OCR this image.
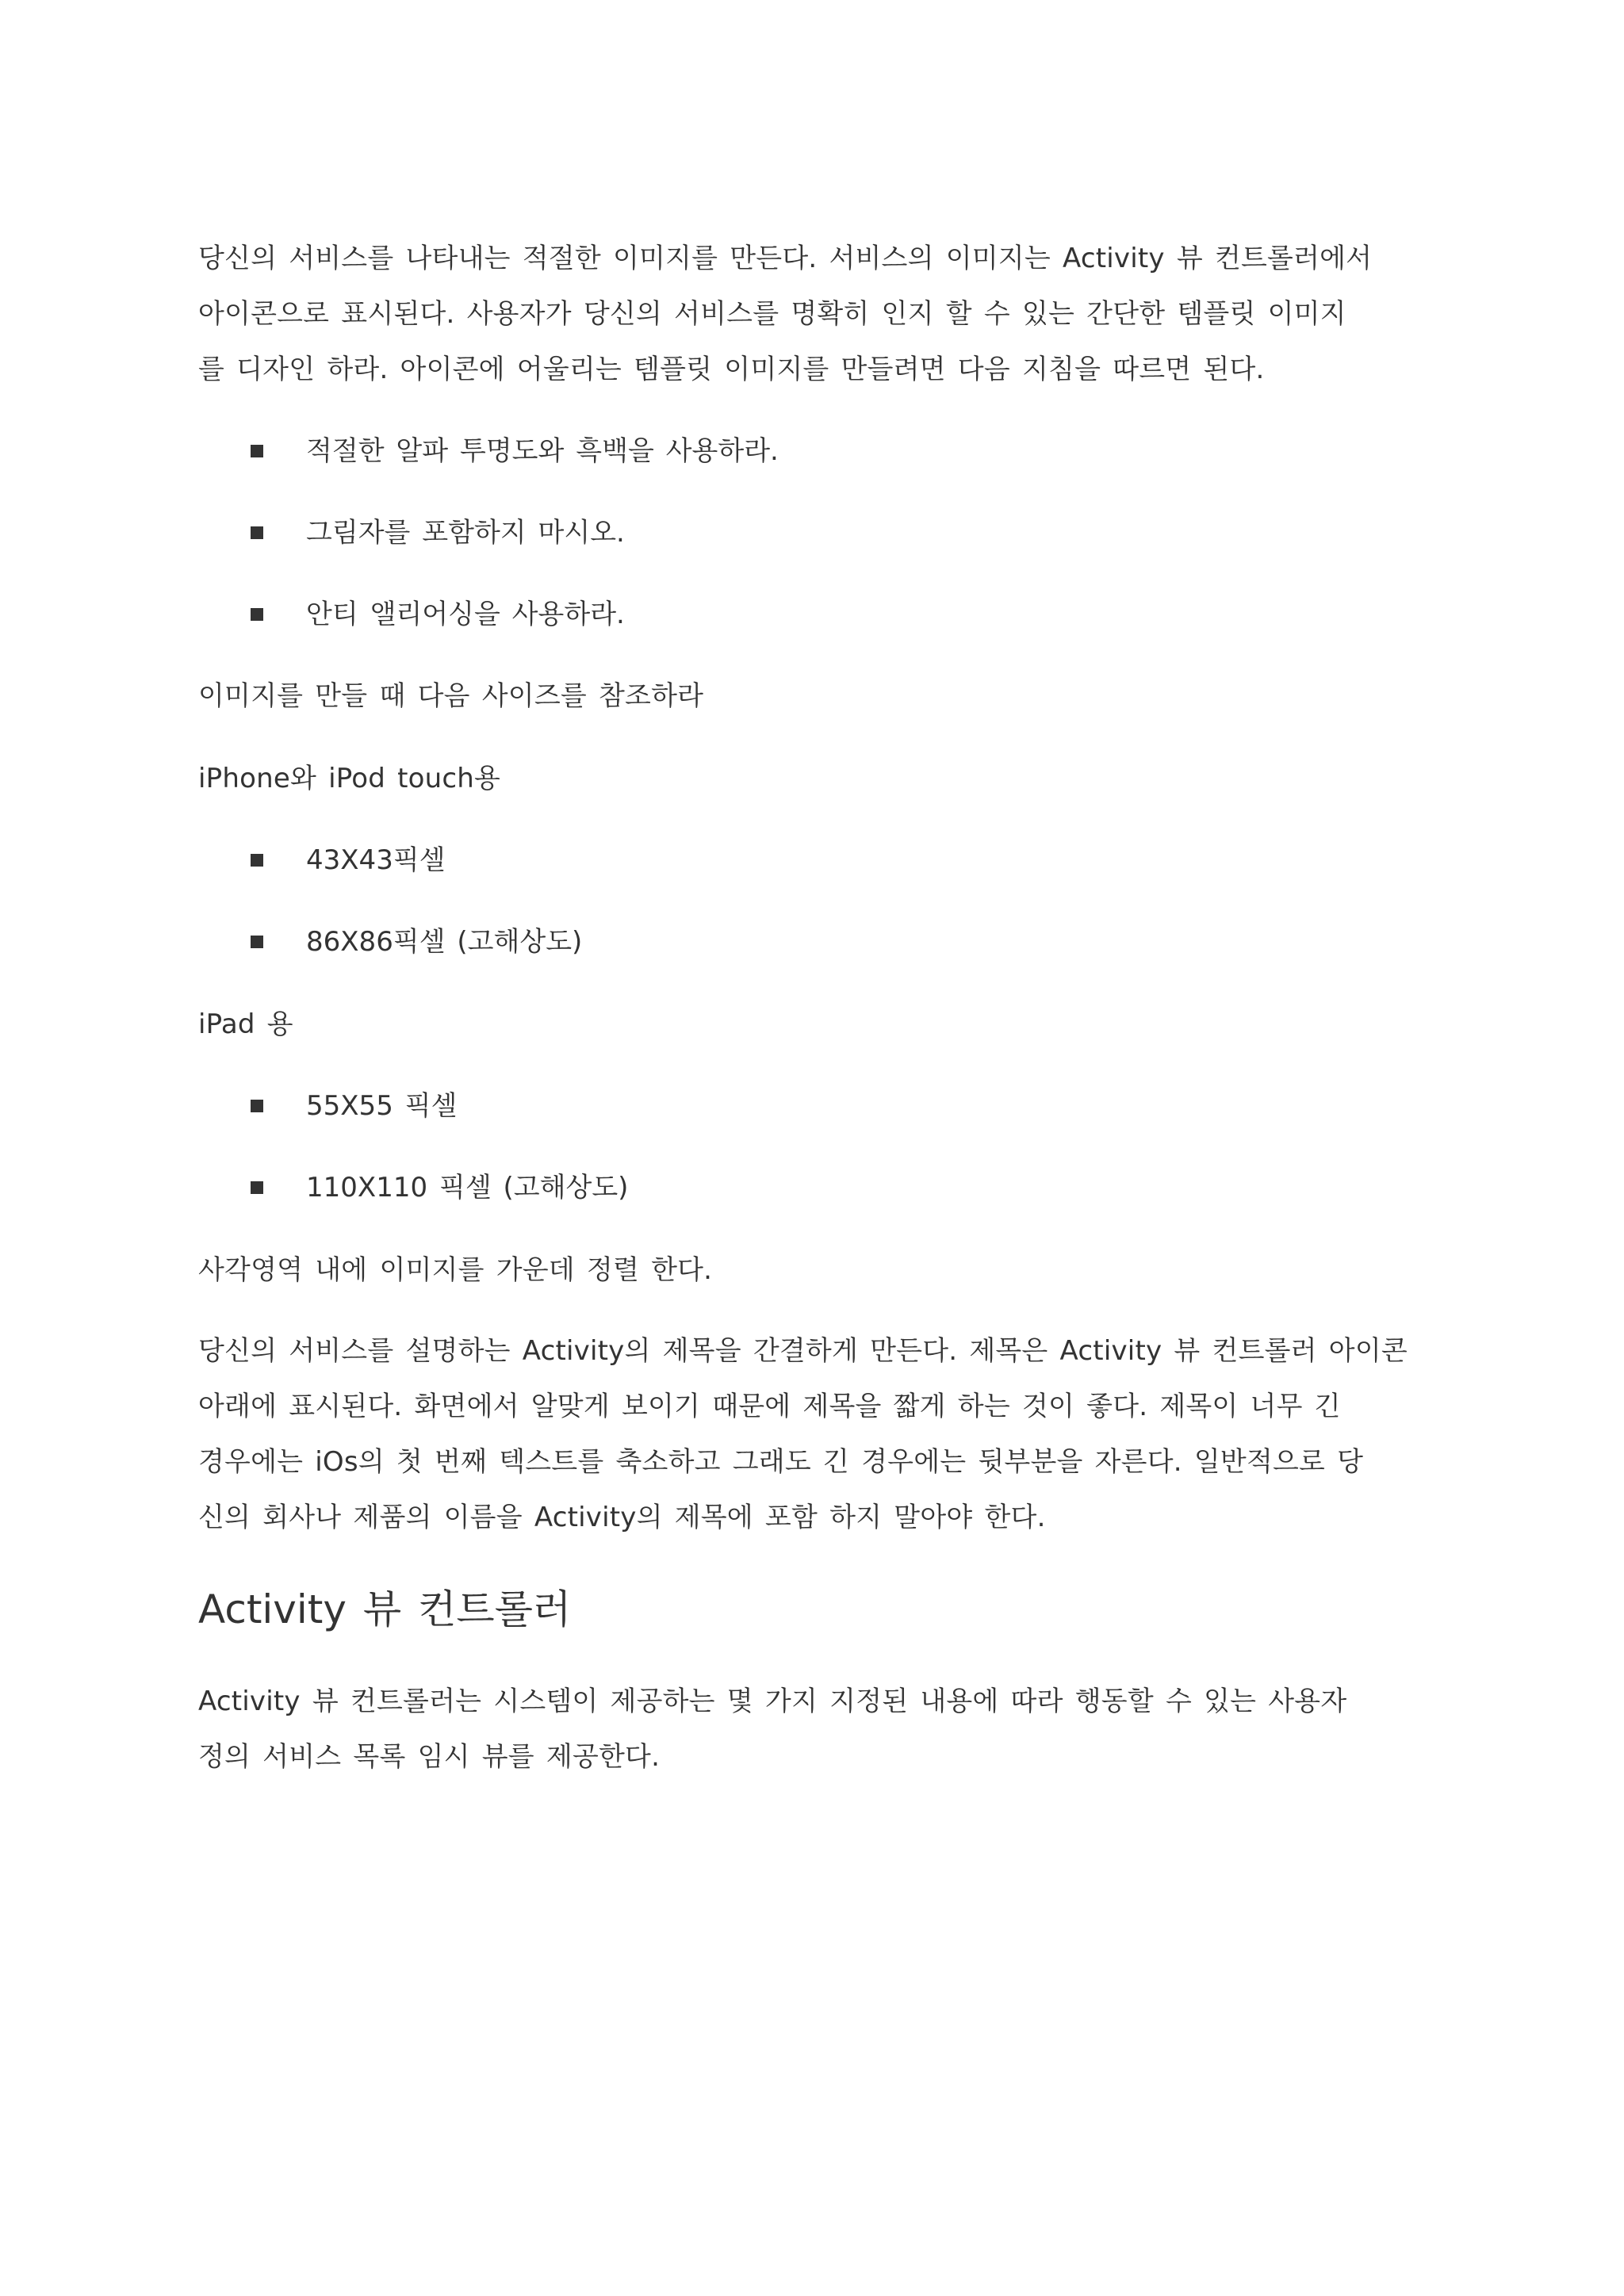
당신의 서비스를 나타내는 적절한 이미지를 만든다. 서비스의 이미지는 Activity 뷰 컨트롤러에서
아이콘으로 표시된다. 사용자가 당신의 서비스를 명확히 인지 할 수 있는 간단한 템플릿 이미지
를 디자인 하라. 아이콘에 어울리는 템플릿 이미지를 만들려면 다음 지침을 따르면 된다.
적절한 알파 투명도와 흑백을 사용하라.
그림자를 포함하지 마시오.
안티 앨리어싱을 사용하라.
이미지를 만들 때 다음 사이즈를 참조하라
iPhone와 iPod touch용
43X43픽셀
86X86픽셀 (고해상도)
iPad 용
55X55 픽셀
110X110 픽셀 (고해상도)
사각영역 내에 이미지를 가운데 정렬 한다.
당신의 서비스를 설명하는 Activity의 제목을 간결하게 만든다. 제목은 Activity 뷰 컨트롤러 아이콘
아래에 표시된다. 화면에서 알맞게 보이기 때문에 제목을 짧게 하는 것이 좋다. 제목이 너무 긴
경우에는 iOs의 첫 번째 텍스트를 축소하고 그래도 긴 경우에는 뒷부분을 자른다. 일반적으로 당
신의 회사나 제품의 이름을 Activity의 제목에 포함 하지 말아야 한다.
Activity 뷰 컨트롤러
Activity 뷰 컨트롤러는 시스템이 제공하는 몇 가지 지정된 내용에 따라 행동할 수 있는 사용자
정의 서비스 목록 임시 뷰를 제공한다.
